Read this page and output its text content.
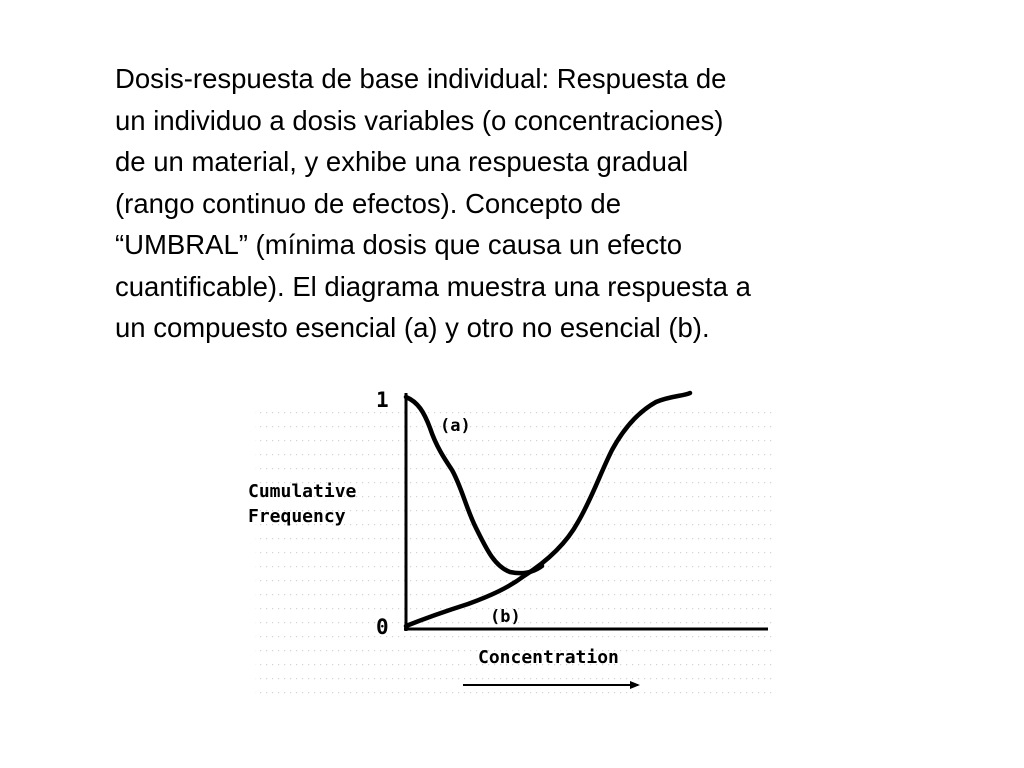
Dosis-respuesta de base individual: Respuesta de
un individuo a dosis variables (o concentraciones)
de un material, y exhibe una respuesta gradual
(rango continuo de efectos). Concepto de
“UMBRAL” (mínima dosis que causa un efecto
cuantificable). El diagrama muestra una respuesta a
un compuesto esencial (a) y otro no esencial (b).
1
0
Cumulative
Frequency
Concentration
(a)
(b)
